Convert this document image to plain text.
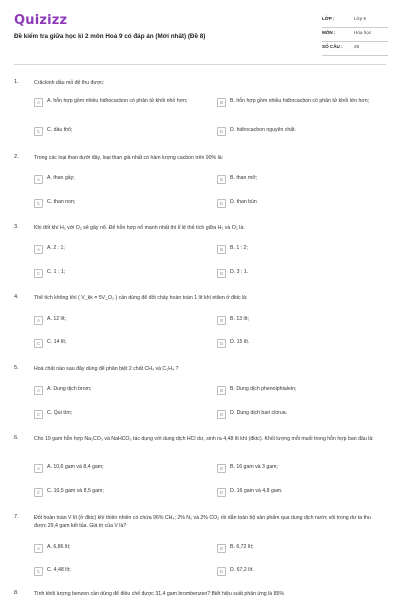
Quizizz
Đề kiểm tra giữa học kì 2 môn Hoá 9 có đáp án (Mới nhất) (Đề 8)
LỚP :	Lớp 9
MÔN :	Hóa học
SỐ CÂU :	28
1.	Crăckinh dầu mỏ để thu được:
A	A. hỗn hợp gồm nhiều hiđrocacbon có phân tử khối nhỏ hơn;	B	B. hỗn hợp gồm nhiều hiđrocacbon có phân tử khối lớn hơn;
C	C. dầu thô;	D	D. hiđrocacbon nguyên chất.
2.	Trong các loại than dưới đây, loại than già nhất có hàm lượng cacbon trên 90% là:
A	A. than gầy;	B	B. than mỡ;
C	C. than non;	D	D. than bùn
3.	Khi đốt khí H₂ với O₂ sẽ gây nổ. Để hỗn hợp nổ mạnh nhất thì tỉ lệ thể tích giữa H₂ và O₂ là:
A	A. 2 : 1;	B	B. 1 : 2;
C	C. 1 : 1;	D	D. 3 : 1.
4.	Thể tích không khí ( V_kk = 5V_O₂ ) cần dùng để đốt cháy hoàn toàn 1 lít khí etilen ở đktc là:
A	A. 12 lít;	B	B. 13 lít;
C	C. 14 lít;	D	D. 15 lít.
5.	Hoá chất nào sau đây dùng để phân biệt 2 chất CH₄ và C₂H₄ ?
A	A. Dung dịch brom;	B	B. Dung dịch phenolphtalein;
C	C. Quì tím;	D	D. Dung dịch bari clorua.
6.	Cho 19 gam hỗn hợp Na₂CO₃ và NaHCO₃ tác dụng với dung dịch HCl dư, sinh ra 4,48 lít khí (đktc). Khối lượng mỗi muối trong hỗn hợp ban đầu là:
A	A. 10,6 gam và 8,4 gam;	B	B. 16 gam và 3 gam;
C	C. 10,5 gam và 8,5 gam;	D	D. 16 gam và 4,8 gam.
7.	Đốt hoàn toàn V lít (ở đktc) khí thiên nhiên có chứa 96% CH₄; 2% N₂ và 2% CO₂ rồi dẫn toàn bộ sản phẩm qua dung dịch nước vôi trong dư ta thu được 29,4 gam kết tủa. Giá trị của V là?
A	A. 6,86 lít;	B	B. 6,72 lít;
C	C. 4,48 lít;	D	D. 67,2 lít.
8.	Tính khối lượng benzen cần dùng để điều chế được 31,4 gam brombenzen? Biết hiệu suất phản ứng là 85%
